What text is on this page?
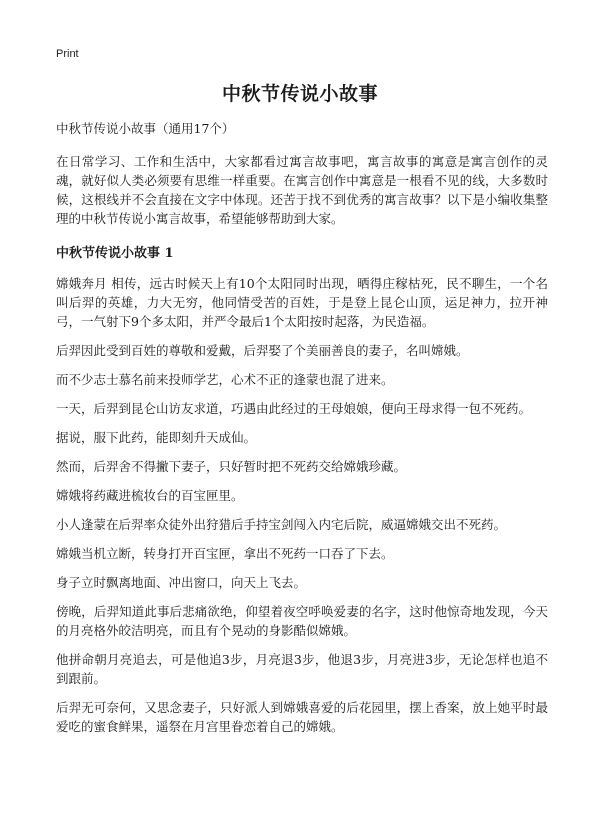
Print
中秋节传说小故事

中秋节传说小故事（通用17个）

在日常学习、工作和生活中，大家都看过寓言故事吧，寓言故事的寓意是寓言创作的灵魂，就好似人类必须要有思维一样重要。在寓言创作中寓意是一根看不见的线，大多数时候，这根线并不会直接在文字中体现。还苦于找不到优秀的寓言故事？以下是小编收集整理的中秋节传说小寓言故事，希望能够帮助到大家。

中秋节传说小故事 1

嫦娥奔月 相传，远古时候天上有10个太阳同时出现，晒得庄稼枯死，民不聊生，一个名叫后羿的英雄，力大无穷，他同情受苦的百姓，于是登上昆仑山顶，运足神力，拉开神弓，一气射下9个多太阳，并严令最后1个太阳按时起落，为民造福。

后羿因此受到百姓的尊敬和爱戴，后羿娶了个美丽善良的妻子，名叫嫦娥。

而不少志士慕名前来投师学艺，心术不正的逢蒙也混了进来。

一天，后羿到昆仑山访友求道，巧遇由此经过的王母娘娘，便向王母求得一包不死药。

据说，服下此药，能即刻升天成仙。

然而，后羿舍不得撇下妻子，只好暂时把不死药交给嫦娥珍藏。

嫦娥将药藏进梳妆台的百宝匣里。

小人逢蒙在后羿率众徒外出狩猎后手持宝剑闯入内宅后院，威逼嫦娥交出不死药。

嫦娥当机立断，转身打开百宝匣，拿出不死药一口吞了下去。

身子立时飘离地面、冲出窗口，向天上飞去。

傍晚，后羿知道此事后悲痛欲绝，仰望着夜空呼唤爱妻的名字，这时他惊奇地发现，今天的月亮格外皎洁明亮，而且有个晃动的身影酷似嫦娥。

他拼命朝月亮追去，可是他追3步，月亮退3步，他退3步，月亮进3步，无论怎样也追不到跟前。

后羿无可奈何，又思念妻子，只好派人到嫦娥喜爱的后花园里，摆上香案，放上她平时最爱吃的蜜食鲜果，遥祭在月宫里眷恋着自己的嫦娥。
